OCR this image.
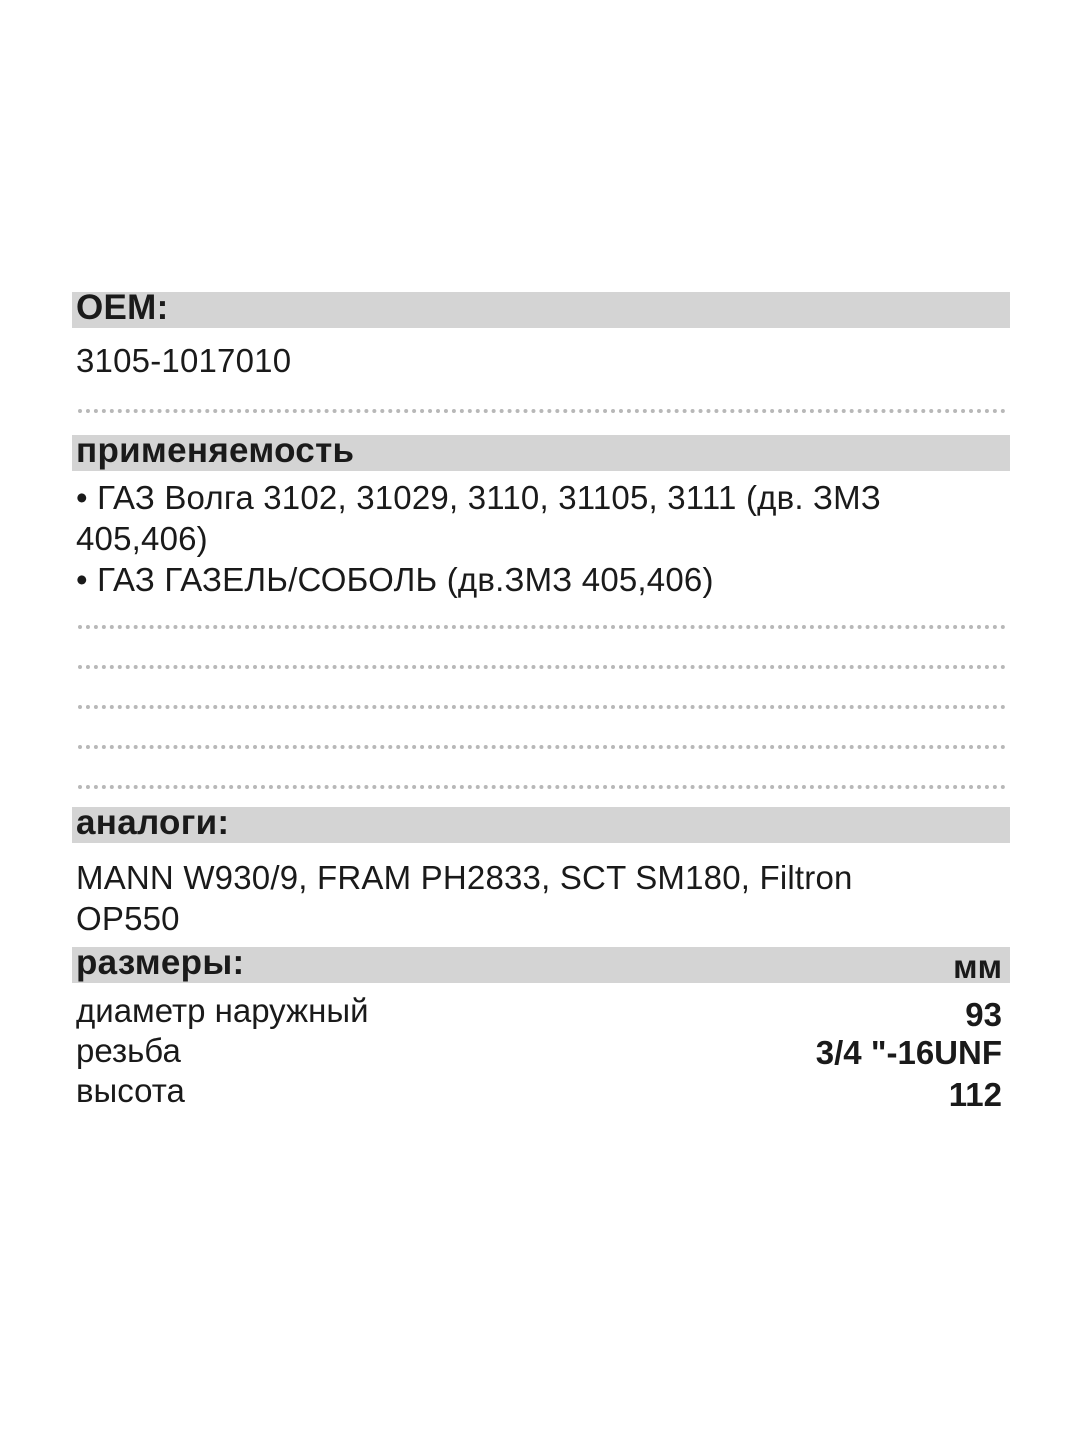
OEM:
3105-1017010
применяемость
• ГАЗ Волга 3102, 31029, 3110, 31105, 3111 (дв. ЗМЗ 405,406)
• ГАЗ ГАЗЕЛЬ/СОБОЛЬ (дв.ЗМЗ 405,406)
аналоги:
MANN W930/9, FRAM PH2833, SCT SM180, Filtron OP550
размеры:	мм
диаметр наружный	93
резьба	3/4 "-16UNF
высота	112
